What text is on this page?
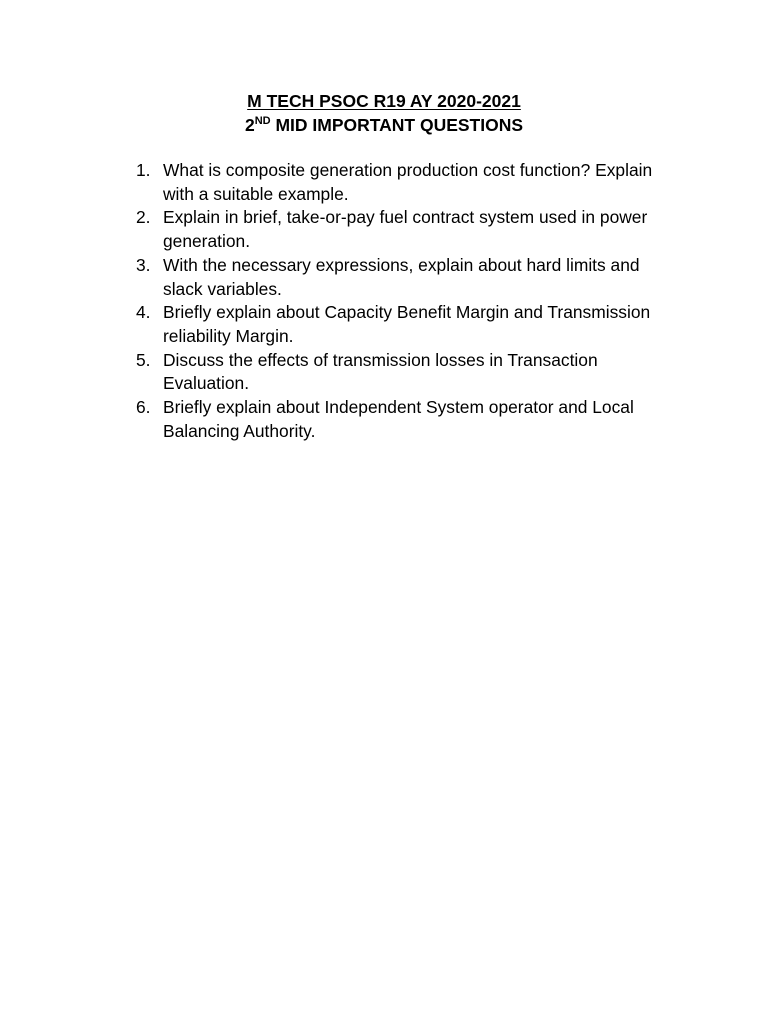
M TECH PSOC R19 AY 2020-2021
2ND MID IMPORTANT QUESTIONS
1. What is composite generation production cost function? Explain with a suitable example.
2. Explain in brief, take-or-pay fuel contract system used in power generation.
3. With the necessary expressions, explain about hard limits and slack variables.
4. Briefly explain about Capacity Benefit Margin and Transmission reliability Margin.
5. Discuss the effects of transmission losses in Transaction Evaluation.
6. Briefly explain about Independent System operator and Local Balancing Authority.
